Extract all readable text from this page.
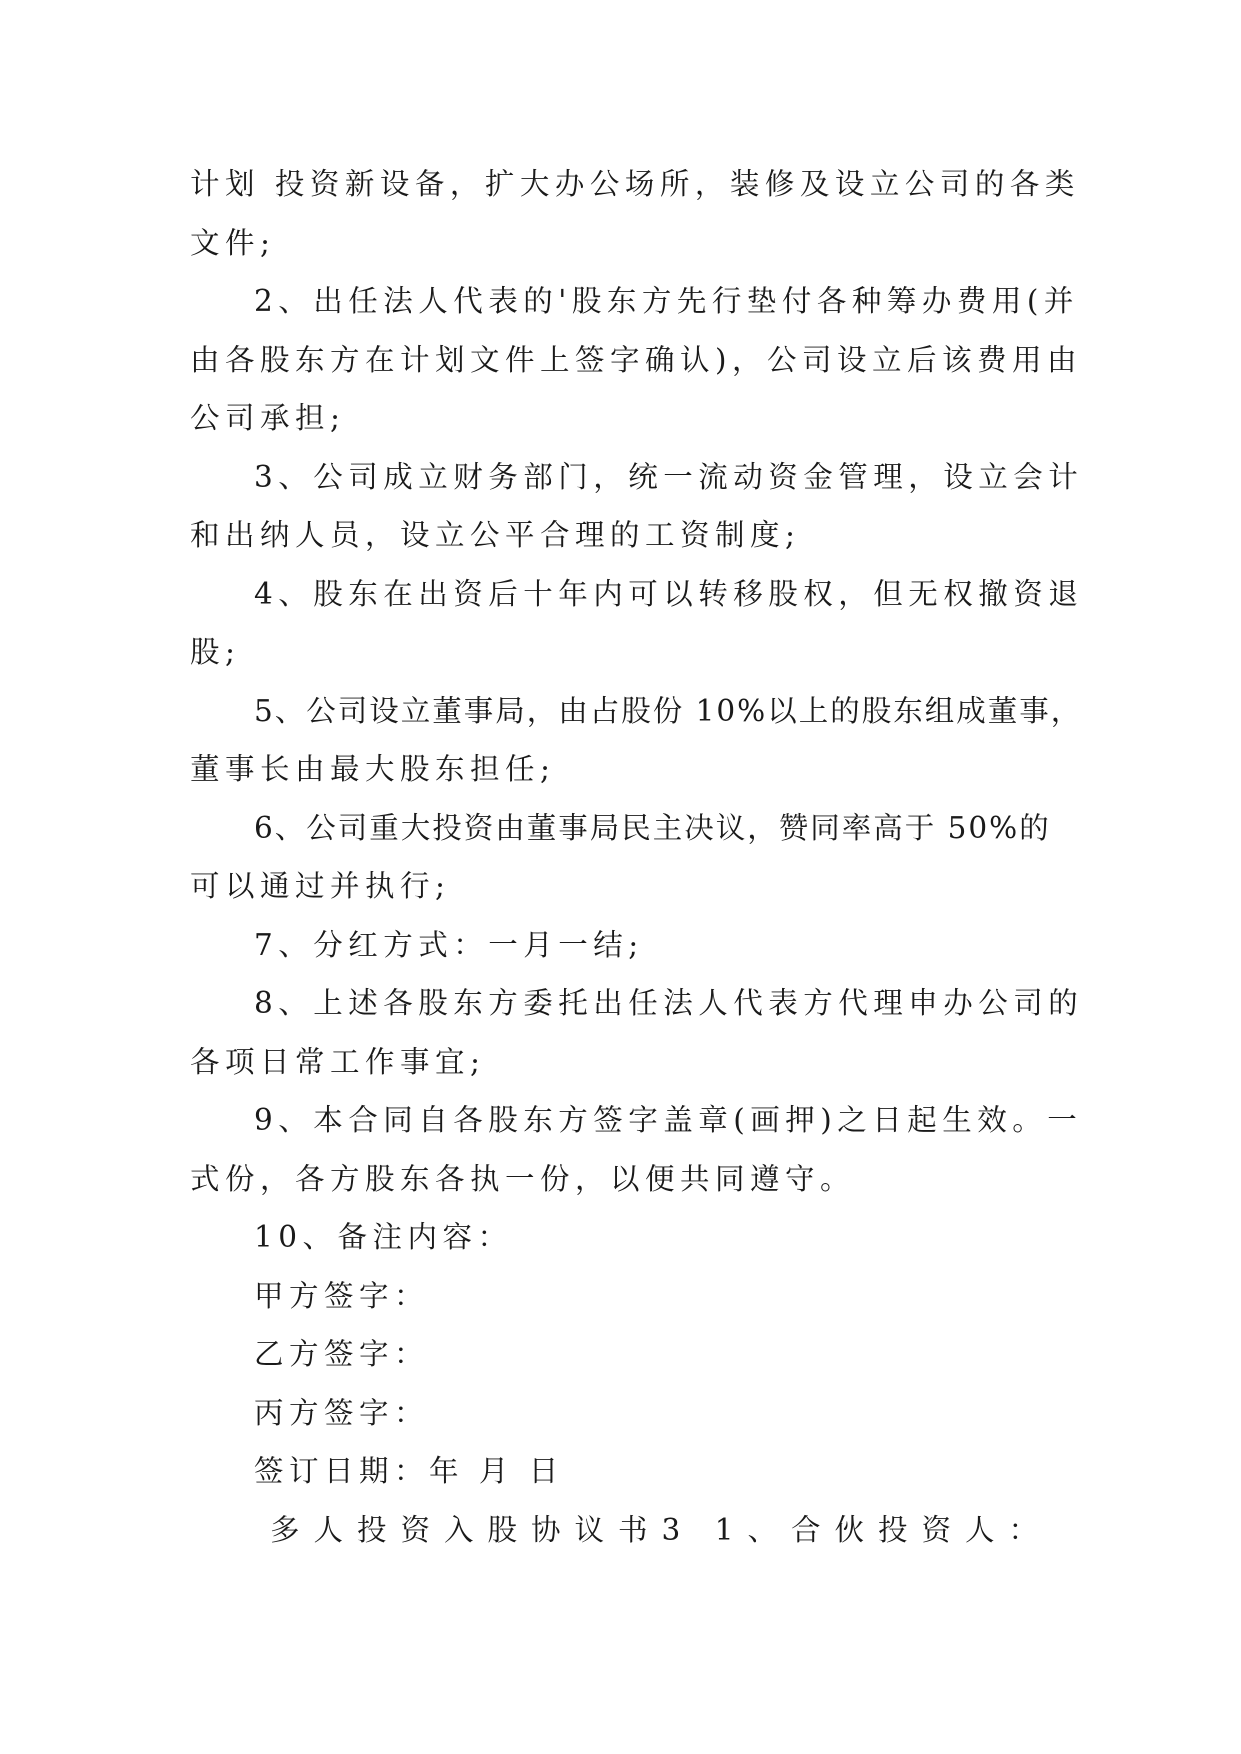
计划 投资新设备，扩大办公场所，装修及设立公司的各类
文件;
2、出任法人代表的'股东方先行垫付各种筹办费用(并
由各股东方在计划文件上签字确认)，公司设立后该费用由
公司承担;
3、公司成立财务部门，统一流动资金管理，设立会计
和出纳人员，设立公平合理的工资制度;
4、股东在出资后十年内可以转移股权，但无权撤资退
股;
5、公司设立董事局，由占股份 10%以上的股东组成董事，
董事长由最大股东担任;
6、公司重大投资由董事局民主决议，赞同率高于 50%的
可以通过并执行;
7、分红方式：一月一结;
8、上述各股东方委托出任法人代表方代理申办公司的
各项日常工作事宜;
9、本合同自各股东方签字盖章(画押)之日起生效。一
式份，各方股东各执一份，以便共同遵守。
10、备注内容：
甲方签字：
乙方签字：
丙方签字：
签订日期：年 月 日
多人投资入股协议书3 1、合伙投资人：
